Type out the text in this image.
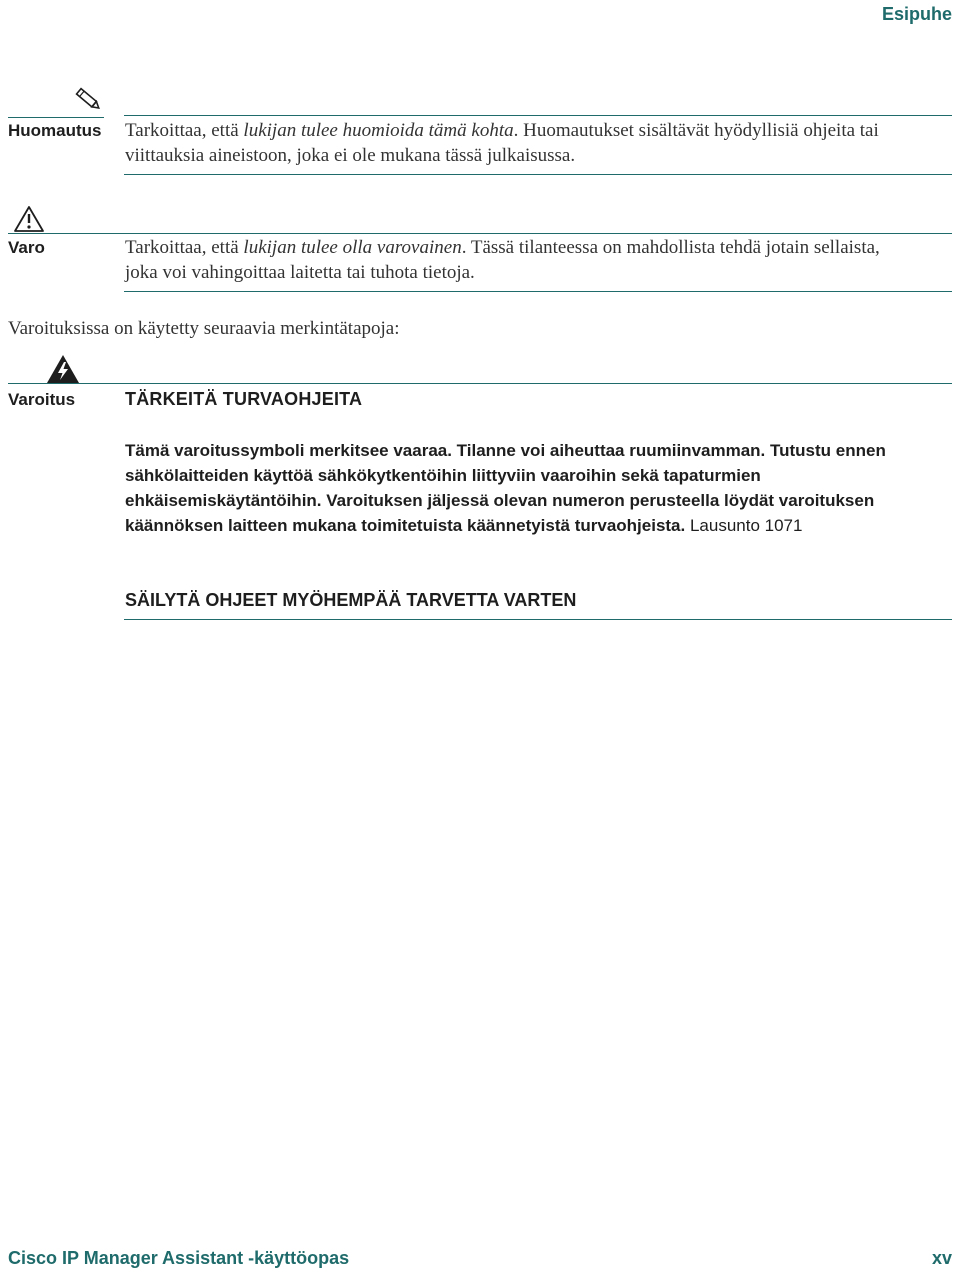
Esipuhe
Huomautus Tarkoittaa, että lukijan tulee huomioida tämä kohta. Huomautukset sisältävät hyödyllisiä ohjeita tai viittauksia aineistoon, joka ei ole mukana tässä julkaisussa.
Varo	Tarkoittaa, että lukijan tulee olla varovainen. Tässä tilanteessa on mahdollista tehdä jotain sellaista, joka voi vahingoittaa laitetta tai tuhota tietoja.
Varoituksissa on käytetty seuraavia merkintätapoja:
Varoitus	TÄRKEITÄ TURVAOHJEITA
Tämä varoitussymboli merkitsee vaaraa. Tilanne voi aiheuttaa ruumiinvamman. Tutustu ennen sähkölaitteiden käyttöä sähkökytkentöihin liittyviin vaaroihin sekä tapaturmien ehkäisemiskäytäntöihin. Varoituksen jäljessä olevan numeron perusteella löydät varoituksen käännöksen laitteen mukana toimitetuista käännetyistä turvaohjeista. Lausunto 1071
SÄILYTÄ OHJEET MYÖHEMPÄÄ TARVETTA VARTEN
Cisco IP Manager Assistant -käyttöopas	xv
